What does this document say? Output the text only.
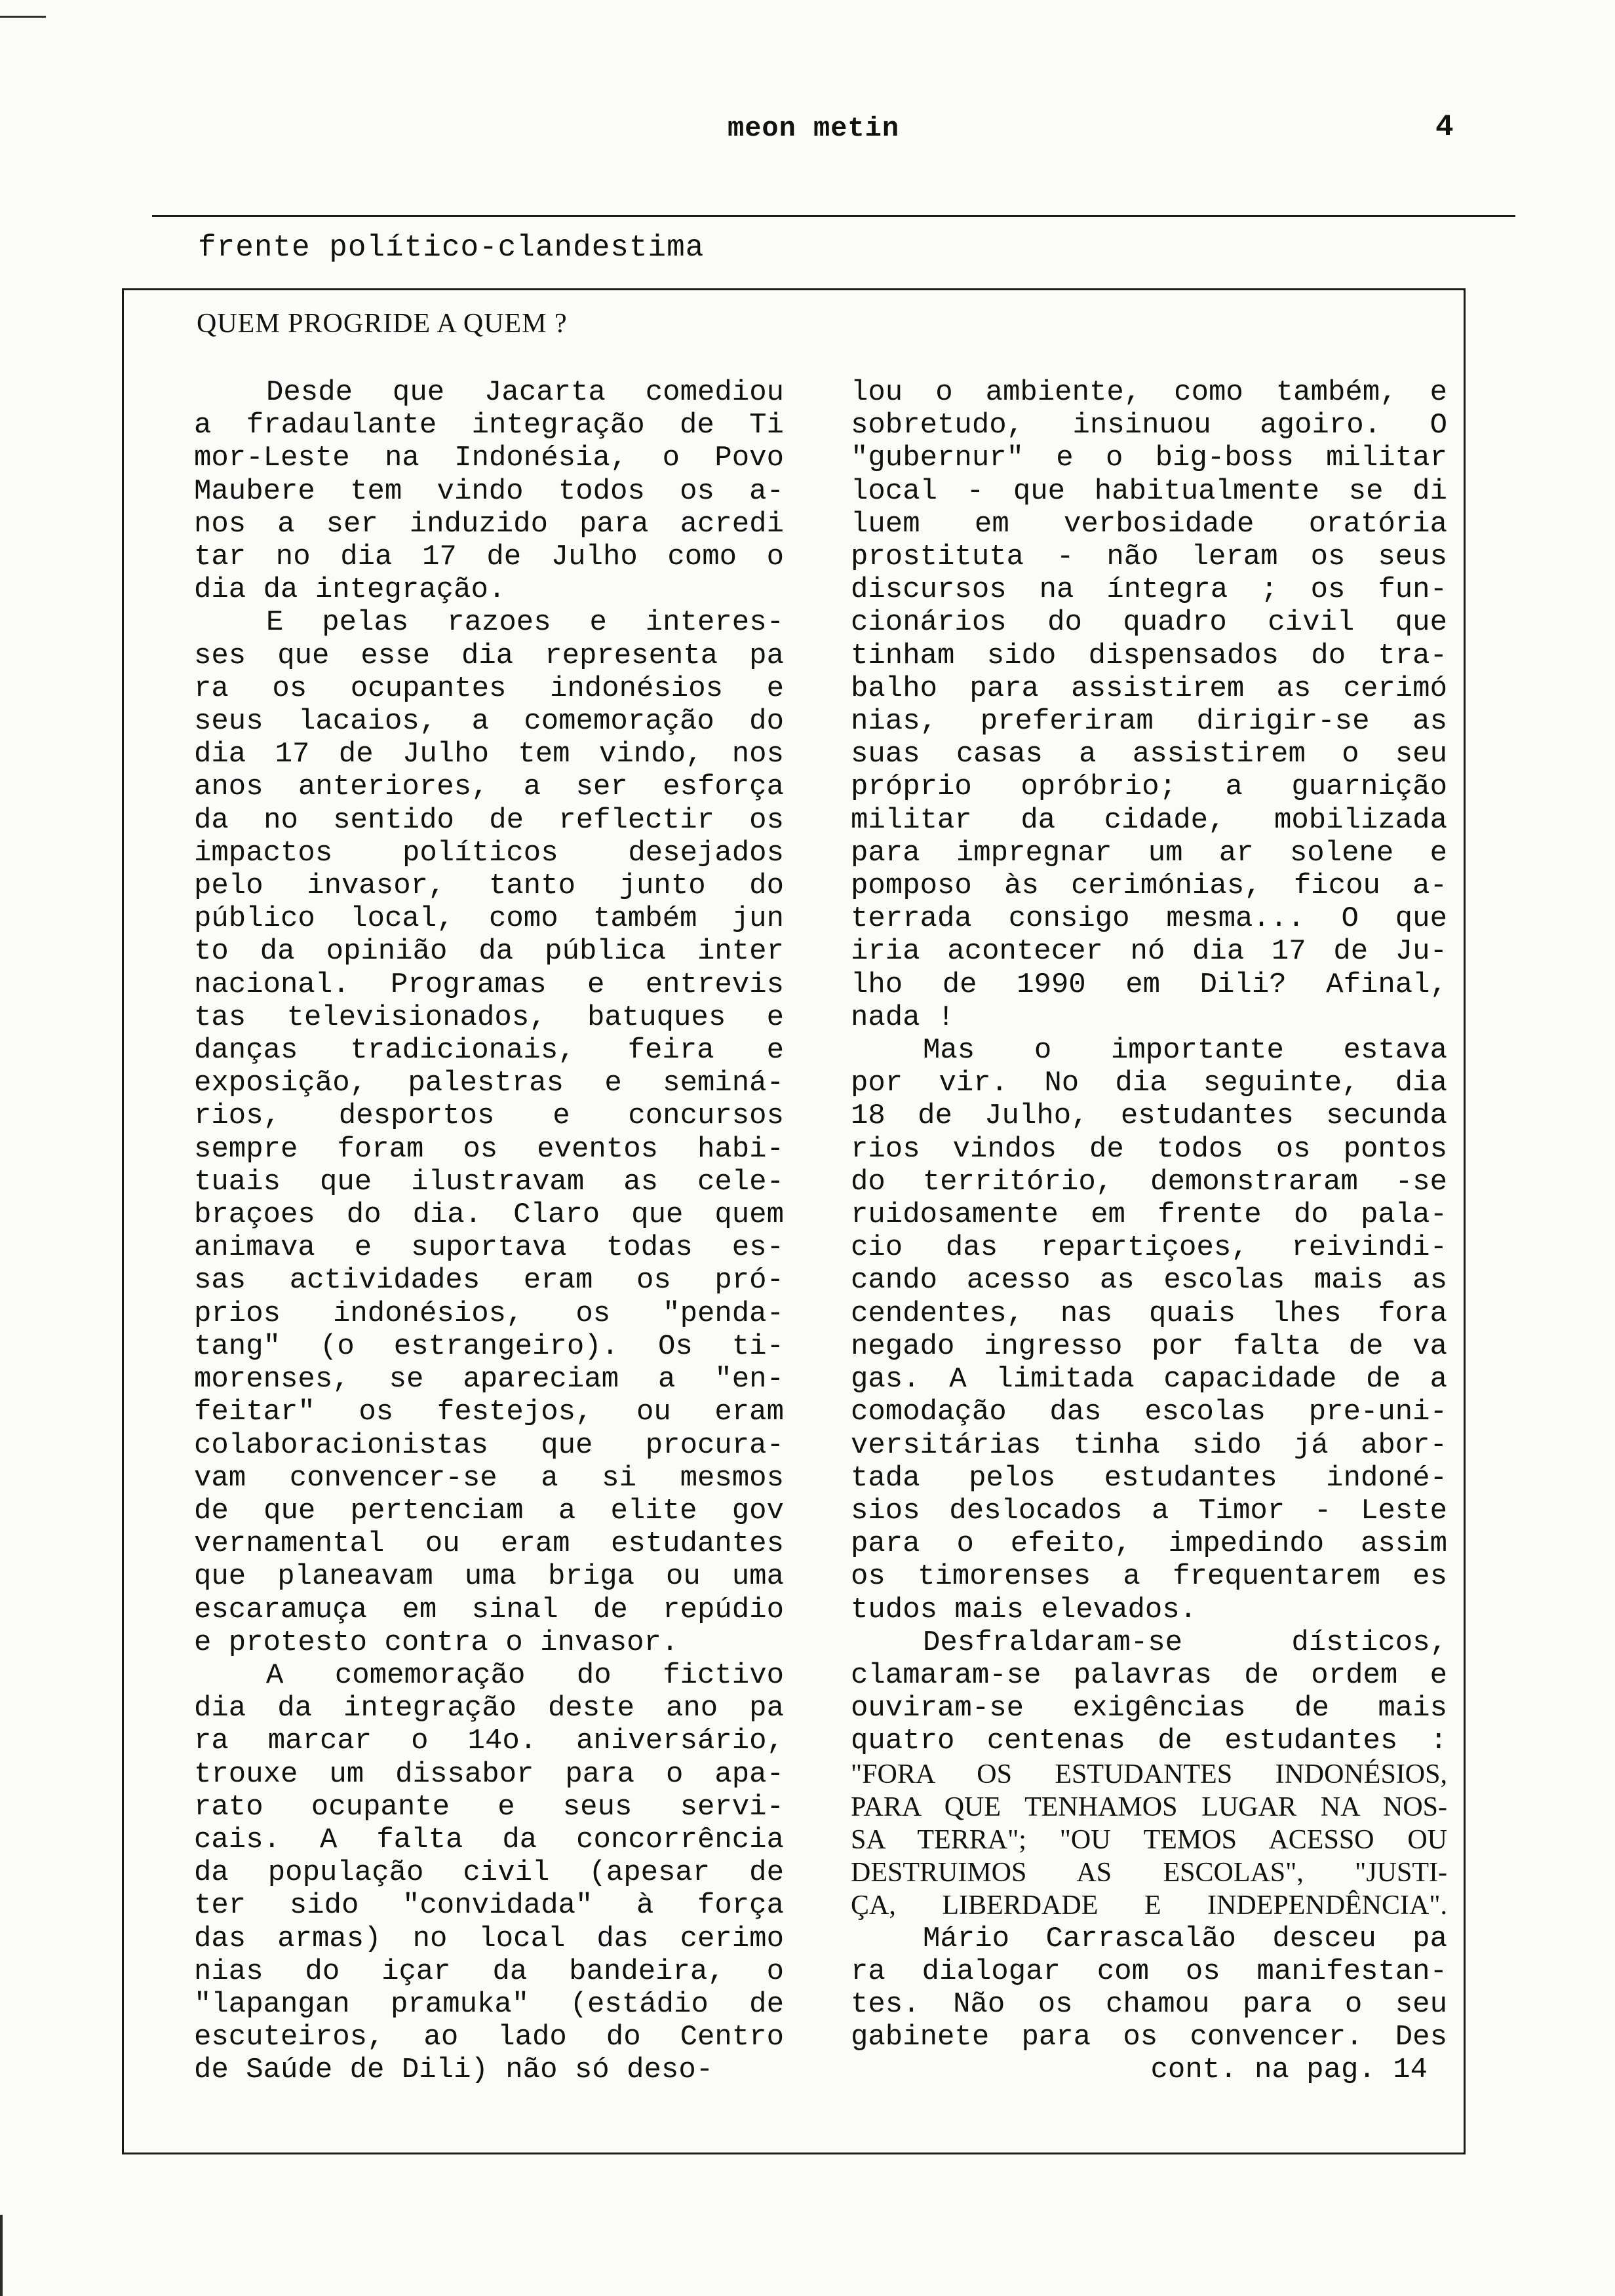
meon metin	4
frente político-clandestima
QUEM PROGRIDE A QUEM ?
Desde que Jacarta comediou
a fradaulante integração de Ti
mor-Leste na Indonésia, o Povo
Maubere tem vindo todos os a-
nos a ser induzido para acredi
tar no dia 17 de Julho como o
dia da integração.
E pelas razoes e interes-
ses que esse dia representa pa
ra os ocupantes indonésios e
seus lacaios, a comemoração do
dia 17 de Julho tem vindo, nos
anos anteriores, a ser esforça
da no sentido de reflectir os
impactos políticos desejados
pelo invasor, tanto junto do
público local, como também jun
to da opinião da pública inter
nacional. Programas e entrevis
tas televisionados, batuques e
danças tradicionais, feira e
exposição, palestras e seminá-
rios, desportos e concursos
sempre foram os eventos habi-
tuais que ilustravam as cele-
braçoes do dia. Claro que quem
animava e suportava todas es-
sas actividades eram os pró-
prios indonésios, os "penda-
tang" (o estrangeiro). Os ti-
morenses, se apareciam a "en-
feitar" os festejos, ou eram
colaboracionistas que procura-
vam convencer-se a si mesmos
de que pertenciam a elite gov
vernamental ou eram estudantes
que planeavam uma briga ou uma
escaramuça em sinal de repúdio
e protesto contra o invasor.
A comemoração do fictivo
dia da integração deste ano pa
ra marcar o 14o. aniversário,
trouxe um dissabor para o apa-
rato ocupante e seus servi-
cais. A falta da concorrência
da população civil (apesar de
ter sido "convidada" à força
das armas) no local das cerimo
nias do içar da bandeira, o
"lapangan pramuka" (estádio de
escuteiros, ao lado do Centro
de Saúde de Dili) não só deso-
lou o ambiente, como também, e
sobretudo, insinuou agoiro. O
"gubernur" e o big-boss militar
local - que habitualmente se di
luem em verbosidade oratória
prostituta - não leram os seus
discursos na íntegra ; os fun-
cionários do quadro civil que
tinham sido dispensados do tra-
balho para assistirem as cerimó
nias, preferiram dirigir-se as
suas casas a assistirem o seu
próprio opróbrio; a guarnição
militar da cidade, mobilizada
para impregnar um ar solene e
pomposo às cerimónias, ficou a-
terrada consigo mesma... O que
iria acontecer nó dia 17 de Ju-
lho de 1990 em Dili? Afinal,
nada !
Mas o importante estava
por vir. No dia seguinte, dia
18 de Julho, estudantes secunda
rios vindos de todos os pontos
do território, demonstraram -se
ruidosamente em frente do pala-
cio das repartiçoes, reivindi-
cando acesso as escolas mais as
cendentes, nas quais lhes fora
negado ingresso por falta de va
gas. A limitada capacidade de a
comodação das escolas pre-uni-
versitárias tinha sido já abor-
tada pelos estudantes indoné-
sios deslocados a Timor - Leste
para o efeito, impedindo assim
os timorenses a frequentarem es
tudos mais elevados.
Desfraldaram-se dísticos,
clamaram-se palavras de ordem e
ouviram-se exigências de mais
quatro centenas de estudantes :
"FORA OS ESTUDANTES INDONÉSIOS,
PARA QUE TENHAMOS LUGAR NA NOS-
SA TERRA"; "OU TEMOS ACESSO OU
DESTRUIMOS AS ESCOLAS", "JUSTI-
ÇA, LIBERDADE E INDEPENDÊNCIA".
Mário Carrascalão desceu pa
ra dialogar com os manifestan-
tes. Não os chamou para o seu
gabinete para os convencer. Des
cont. na pag. 14
